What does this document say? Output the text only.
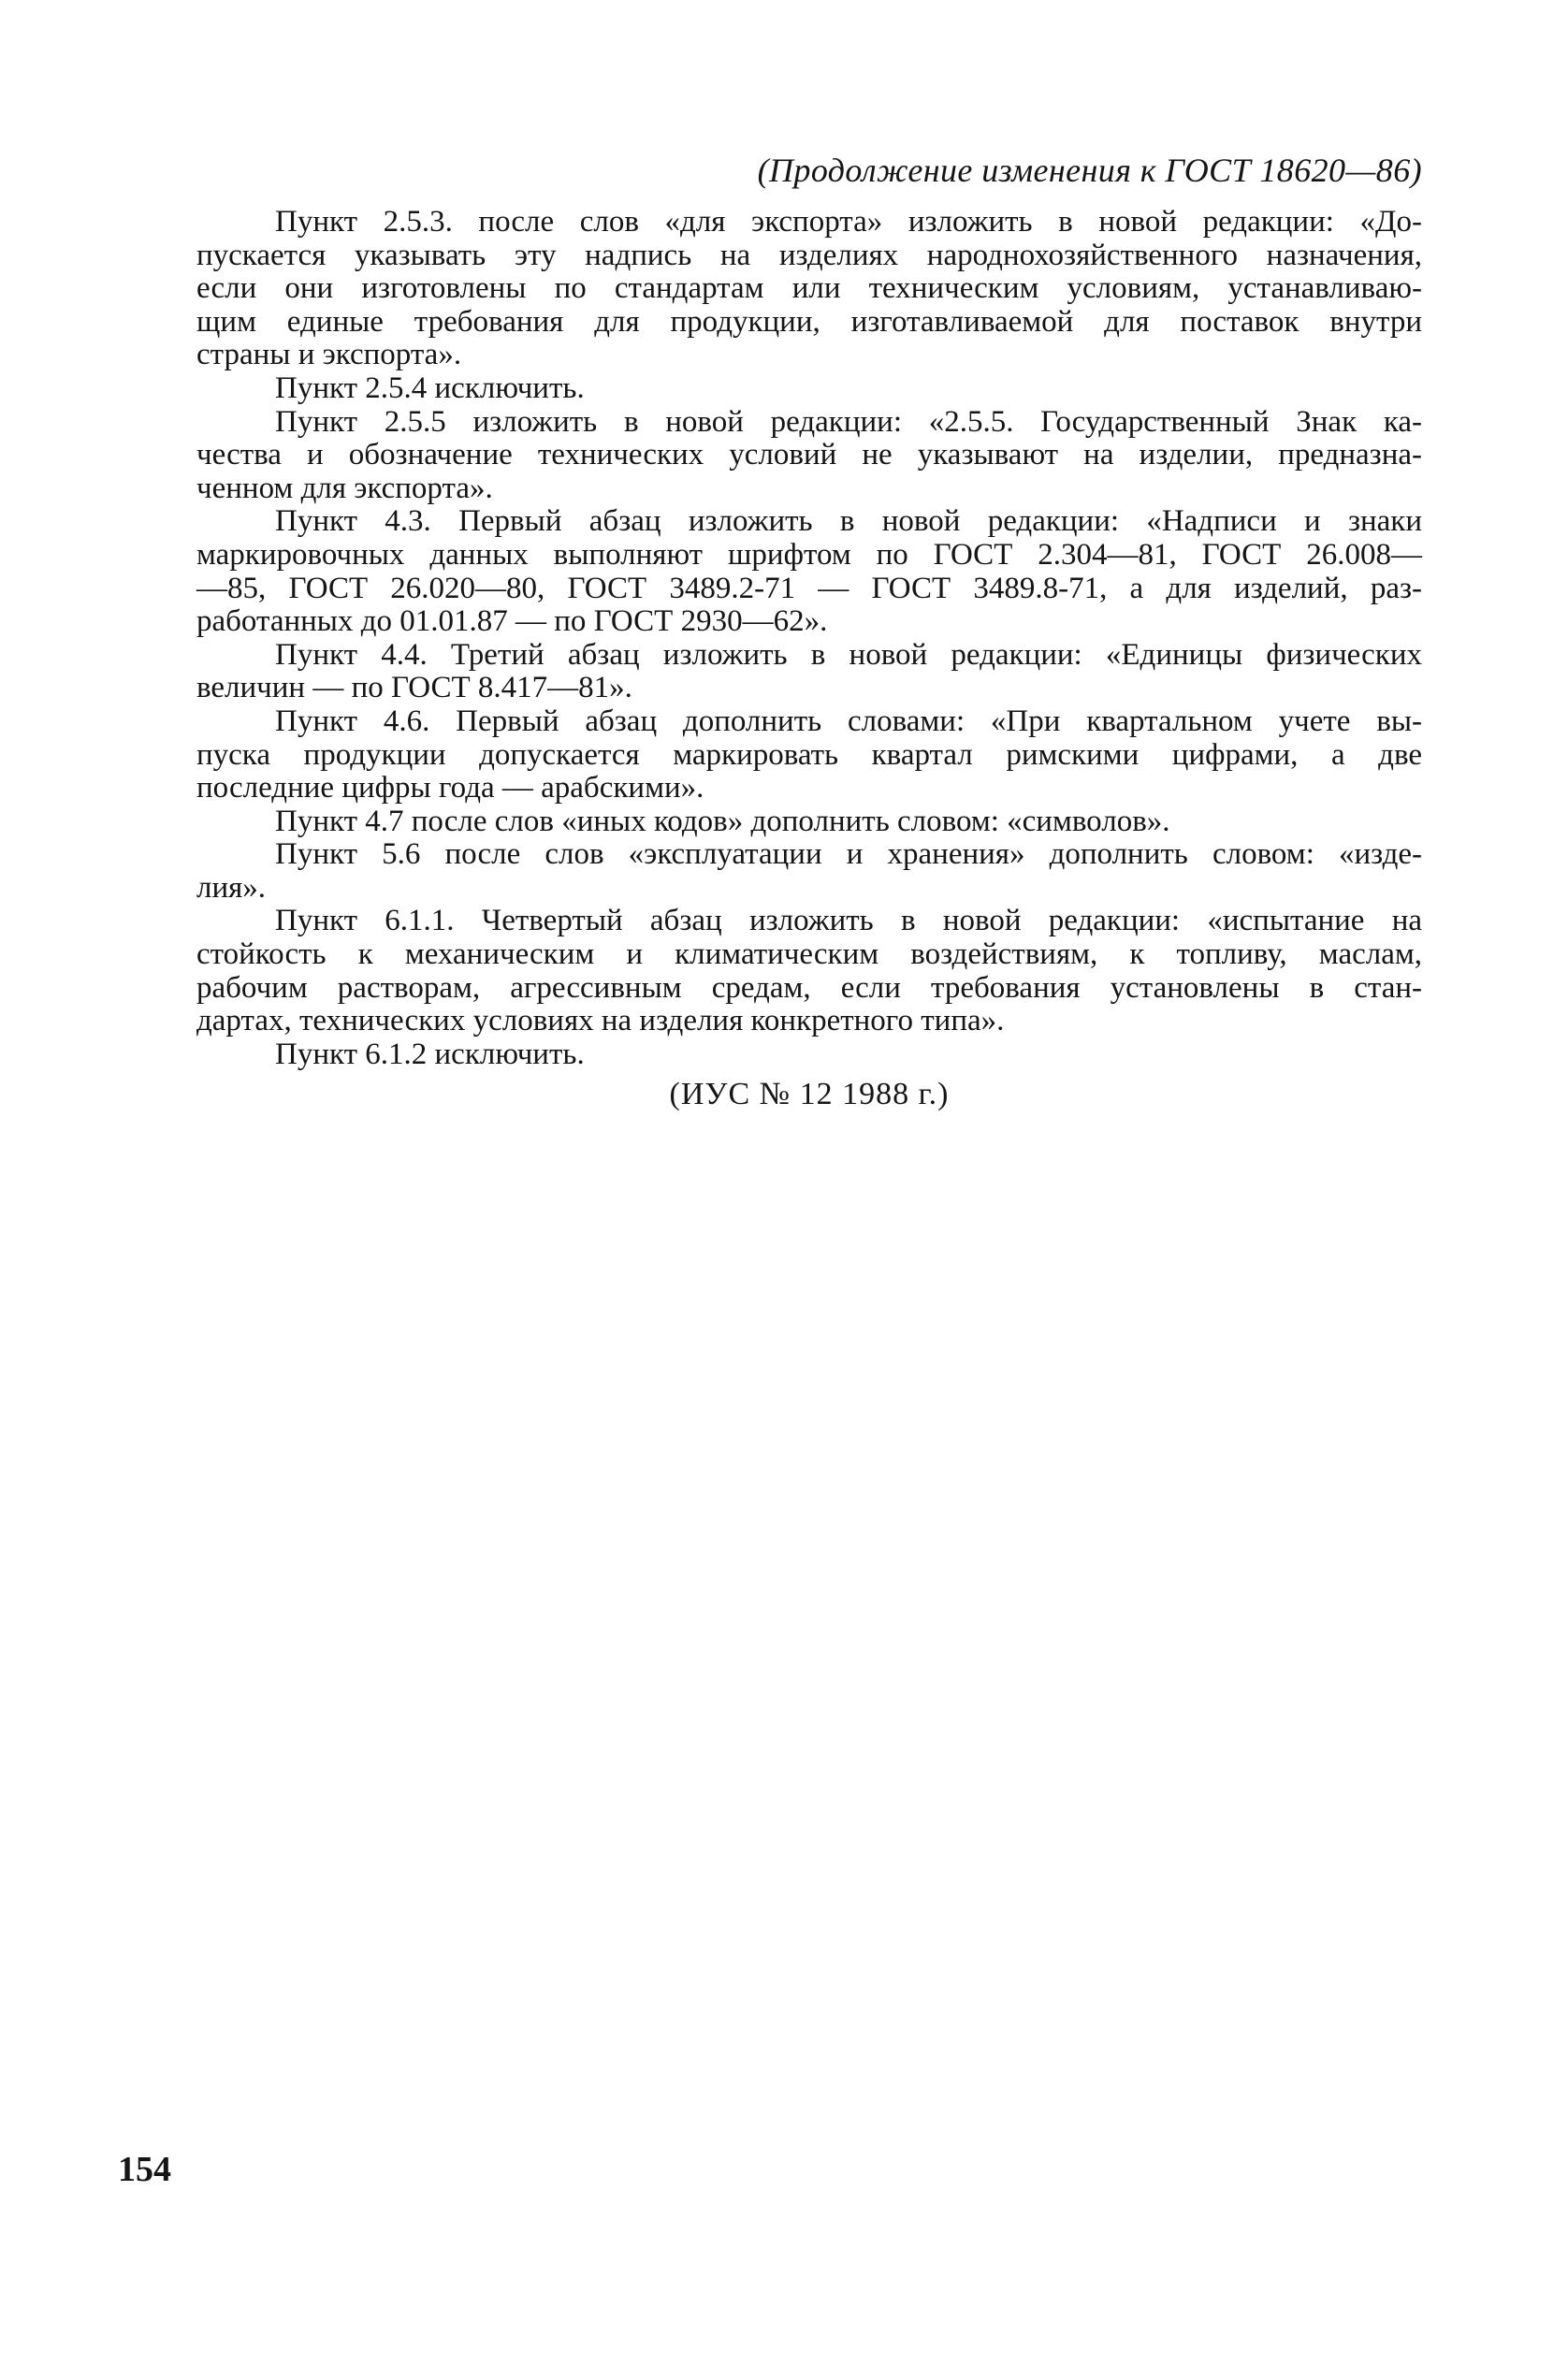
(Продолжение изменения к ГОСТ 18620—86)
Пункт 2.5.3. после слов «для экспорта» изложить в новой редакции: «До-
пускается указывать эту надпись на изделиях народнохозяйственного назначения,
если они изготовлены по стандартам или техническим условиям, устанавливаю-
щим единые требования для продукции, изготавливаемой для поставок внутри
страны и экспорта».
Пункт 2.5.4 исключить.
Пункт 2.5.5 изложить в новой редакции: «2.5.5. Государственный Знак ка-
чества и обозначение технических условий не указывают на изделии, предназна-
ченном для экспорта».
Пункт 4.3. Первый абзац изложить в новой редакции: «Надписи и знаки
маркировочных данных выполняют шрифтом по ГОСТ 2.304—81, ГОСТ 26.008—
—85, ГОСТ 26.020—80, ГОСТ 3489.2-71 — ГОСТ 3489.8-71, а для изделий, раз-
работанных до 01.01.87 — по ГОСТ 2930—62».
Пункт 4.4. Третий абзац изложить в новой редакции: «Единицы физических
величин — по ГОСТ 8.417—81».
Пункт 4.6. Первый абзац дополнить словами: «При квартальном учете вы-
пуска продукции допускается маркировать квартал римскими цифрами, а две
последние цифры года — арабскими».
Пункт 4.7 после слов «иных кодов» дополнить словом: «символов».
Пункт 5.6 после слов «эксплуатации и хранения» дополнить словом: «изде-
лия».
Пункт 6.1.1. Четвертый абзац изложить в новой редакции: «испытание на
стойкость к механическим и климатическим воздействиям, к топливу, маслам,
рабочим растворам, агрессивным средам, если требования установлены в стан-
дартах, технических условиях на изделия конкретного типа».
Пункт 6.1.2 исключить.
(ИУС № 12 1988 г.)
154
